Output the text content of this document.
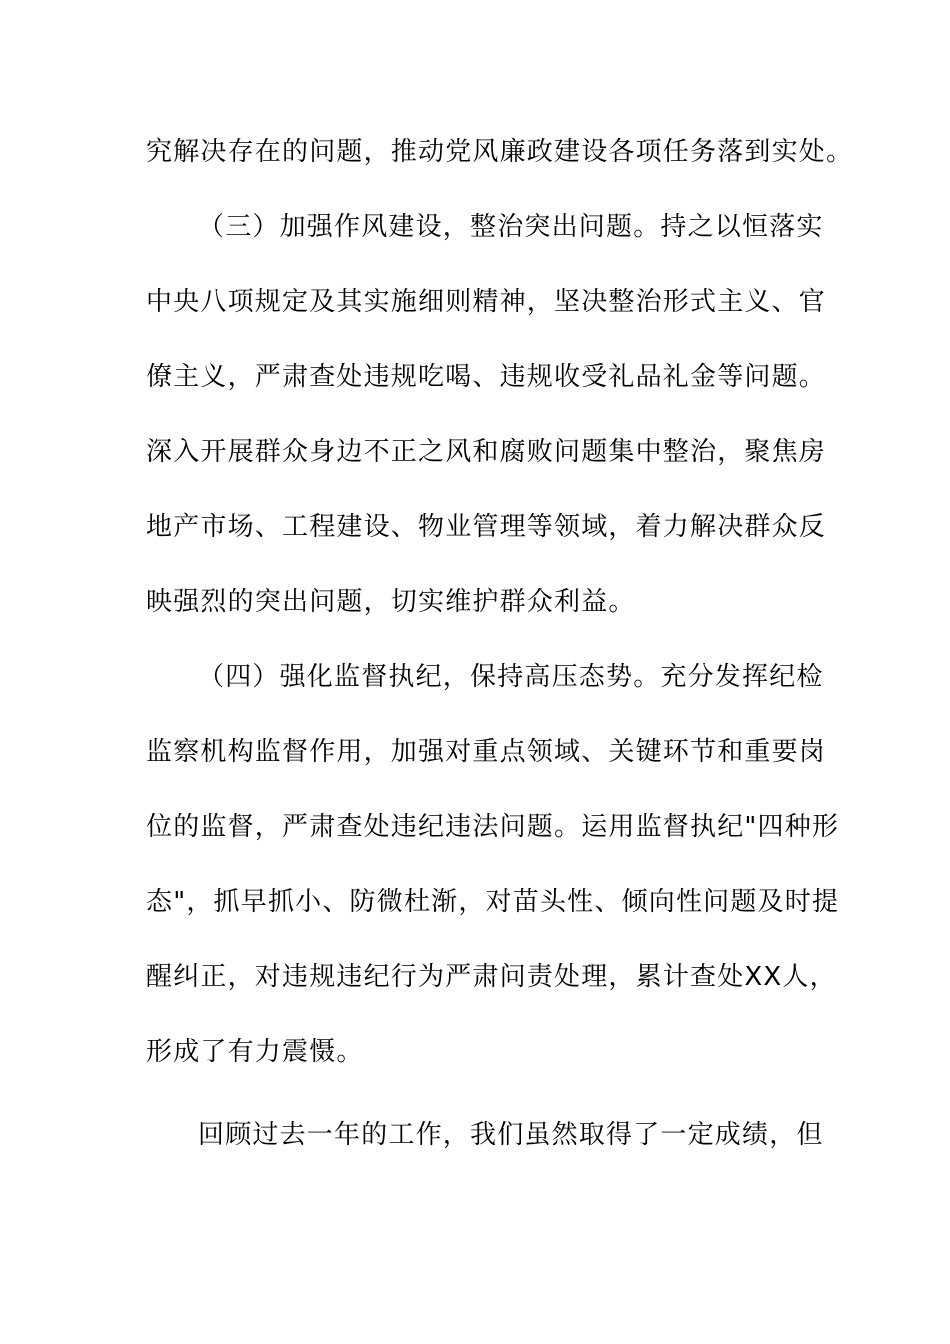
究解决存在的问题，推动党风廉政建设各项任务落到实处。
（三）加强作风建设，整治突出问题。持之以恒落实
中央八项规定及其实施细则精神，坚决整治形式主义、官
僚主义，严肃查处违规吃喝、违规收受礼品礼金等问题。
深入开展群众身边不正之风和腐败问题集中整治，聚焦房
地产市场、工程建设、物业管理等领域，着力解决群众反
映强烈的突出问题，切实维护群众利益。
（四）强化监督执纪，保持高压态势。充分发挥纪检
监察机构监督作用，加强对重点领域、关键环节和重要岗
位的监督，严肃查处违纪违法问题。运用监督执纪"四种形
态"，抓早抓小、防微杜渐，对苗头性、倾向性问题及时提
醒纠正，对违规违纪行为严肃问责处理，累计查处XX人，
形成了有力震慑。
回顾过去一年的工作，我们虽然取得了一定成绩，但
